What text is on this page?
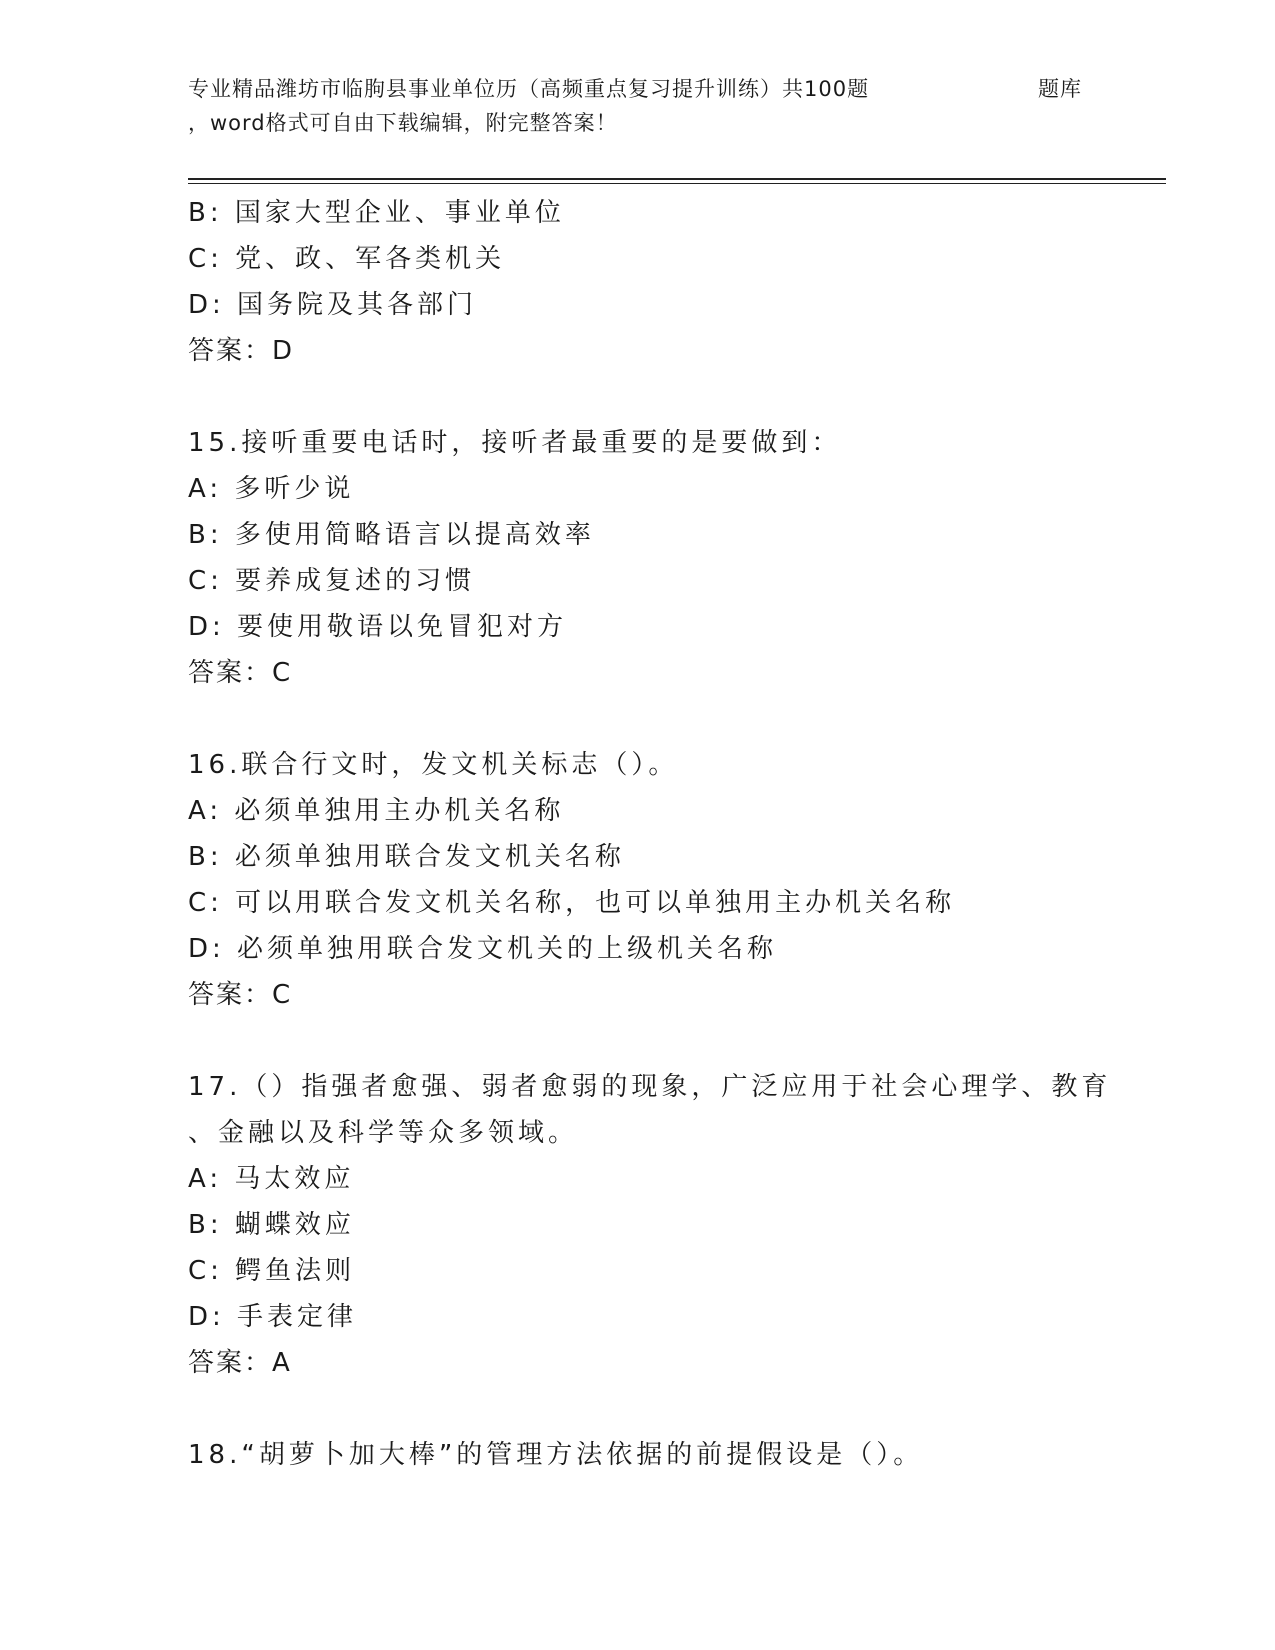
专业精品潍坊市临朐县事业单位历（高频重点复习提升训练）共100题	题库
，word格式可自由下载编辑，附完整答案！
B: 国家大型企业、事业单位
C: 党、政、军各类机关
D: 国务院及其各部门
答案：D
15.接听重要电话时，接听者最重要的是要做到：
A: 多听少说
B: 多使用简略语言以提高效率
C: 要养成复述的习惯
D: 要使用敬语以免冒犯对方
答案：C
16.联合行文时，发文机关标志（）。
A: 必须单独用主办机关名称
B: 必须单独用联合发文机关名称
C: 可以用联合发文机关名称，也可以单独用主办机关名称
D: 必须单独用联合发文机关的上级机关名称
答案：C
17.（）指强者愈强、弱者愈弱的现象，广泛应用于社会心理学、教育
、金融以及科学等众多领域。
A: 马太效应
B: 蝴蝶效应
C: 鳄鱼法则
D: 手表定律
答案：A
18.“胡萝卜加大棒”的管理方法依据的前提假设是（）。
